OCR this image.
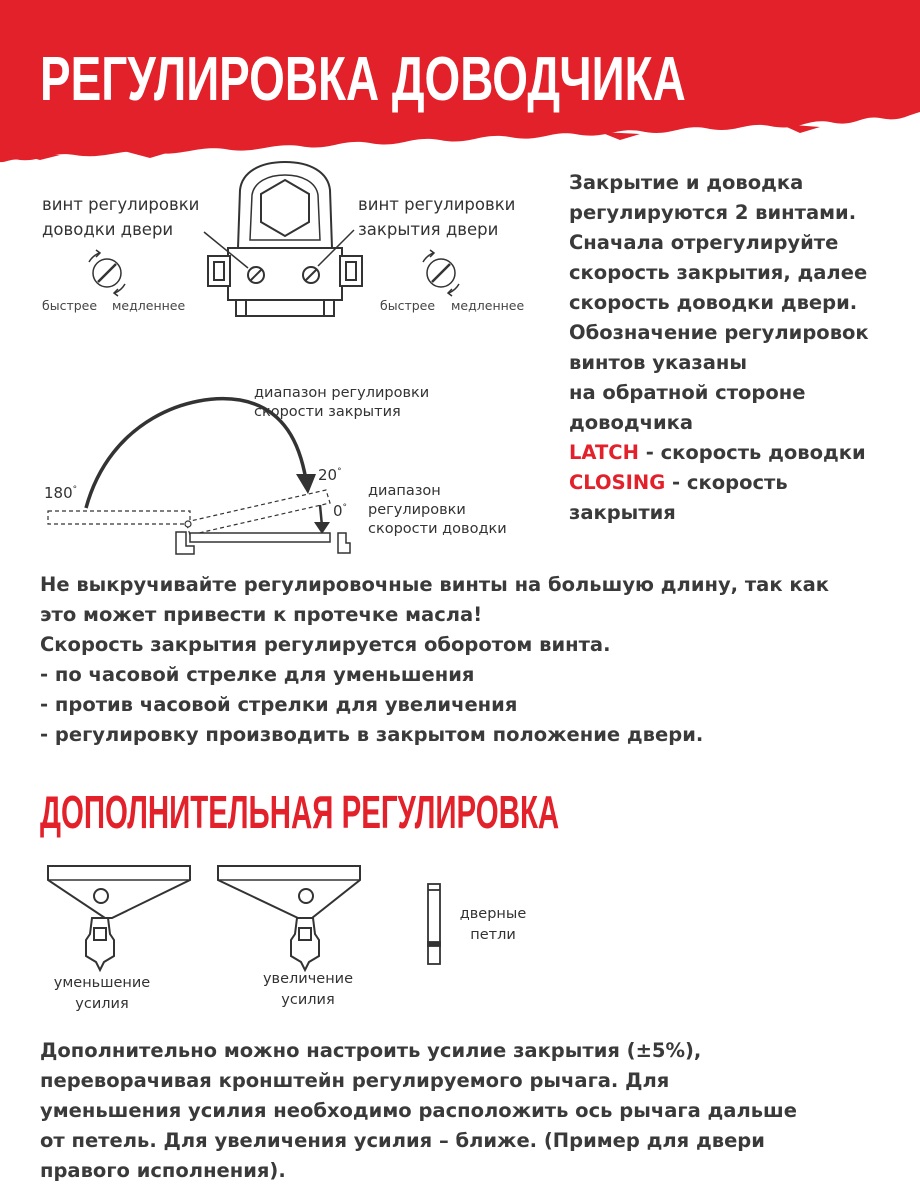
РЕГУЛИРОВКА ДОВОДЧИКА
винт регулировки
доводки двери
винт регулировки
закрытия двери
быстрее медленнее	быстрее медленнее
диапазон регулировки
скорости закрытия
диапазон
регулировки
скорости доводки
180°
20°
0°
Закрытие и доводка
регулируются 2 винтами.
Сначала отрегулируйте
скорость закрытия, далее
скорость доводки двери.
Обозначение регулировок
винтов указаны
на обратной стороне
доводчика
LATCH - скорость доводки
CLOSING - скорость
закрытия
Не выкручивайте регулировочные винты на большую длину, так как
это может привести к протечке масла!
Скорость закрытия регулируется оборотом винта.
- по часовой стрелке для уменьшения
- против часовой стрелки для увеличения
- регулировку производить в закрытом положение двери.
ДОПОЛНИТЕЛЬНАЯ РЕГУЛИРОВКА
уменьшение
усилия
увеличение
усилия
дверные
петли
Дополнительно можно настроить усилие закрытия (±5%),
переворачивая кронштейн регулируемого рычага. Для
уменьшения усилия необходимо расположить ось рычага дальше
от петель. Для увеличения усилия – ближе. (Пример для двери
правого исполнения).
